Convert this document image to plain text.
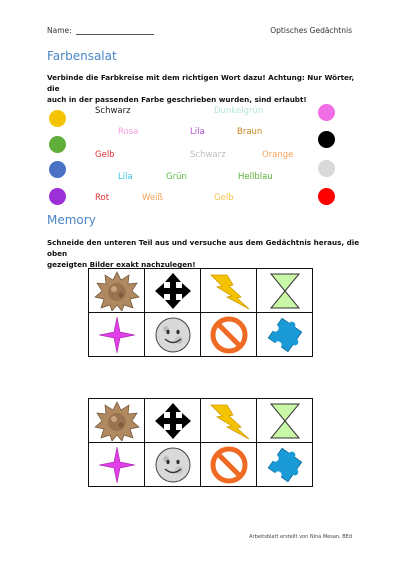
Name:	Optisches Gedächtnis
Farbensalat
Verbinde die Farbkreise mit dem richtigen Wort dazu! Achtung: Nur Wörter, die
auch in der passenden Farbe geschrieben wurden, sind erlaubt!
Schwarz	Dunkelgrün
Rosa	Lila	Braun
Gelb	Schwarz	Orange
Lila	Grün	Hellblau
Rot	Weiß	Gelb
Memory
Schneide den unteren Teil aus und versuche aus dem Gedächtnis heraus, die oben
gezeigten Bilder exakt nachzulegen!

Arbeitsblatt erstellt von Nina Mesan, BEd
